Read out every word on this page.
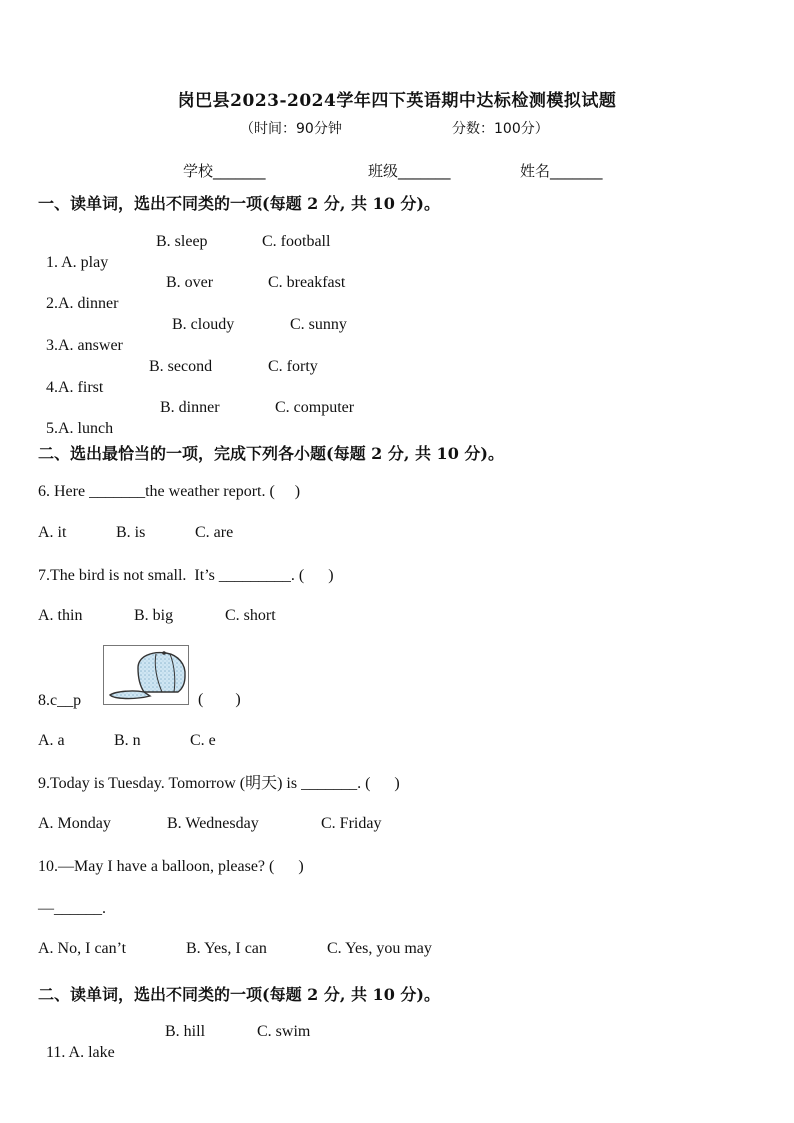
岗巴县2023-2024学年四下英语期中达标检测模拟试题
（时间：90分钟	分数：100分）
学校_______	班级_______	姓名_______
一、读单词，选出不同类的一项(每题 2 分, 共 10 分)。

1. A. play

B. sleep	C. football

2.A. dinner

B. over	C. breakfast

3.A. answer

B. cloudy	C. sunny

4.A. first

B. second	C. forty

5.A. lunch

B. dinner	C. computer
二、选出最恰当的一项，完成下列各小题(每题 2 分, 共 10 分)。
6. Here _______the weather report. (     )
A. it	B. is	C. are
7.The bird is not small.  It’s _________. (      )
A. thin	B. big	C. short
8.c__p	(        )
A. a	B. n	C. e
9.Today is Tuesday. Tomorrow (明天) is _______. (      )
A. Monday	B. Wednesday	C. Friday
10.—May I have a balloon, please? (      )
—______.
A. No, I can’t	B. Yes, I can	C. Yes, you may
二、读单词，选出不同类的一项(每题 2 分, 共 10 分)。

11. A. lake

B. hill	C. swim
